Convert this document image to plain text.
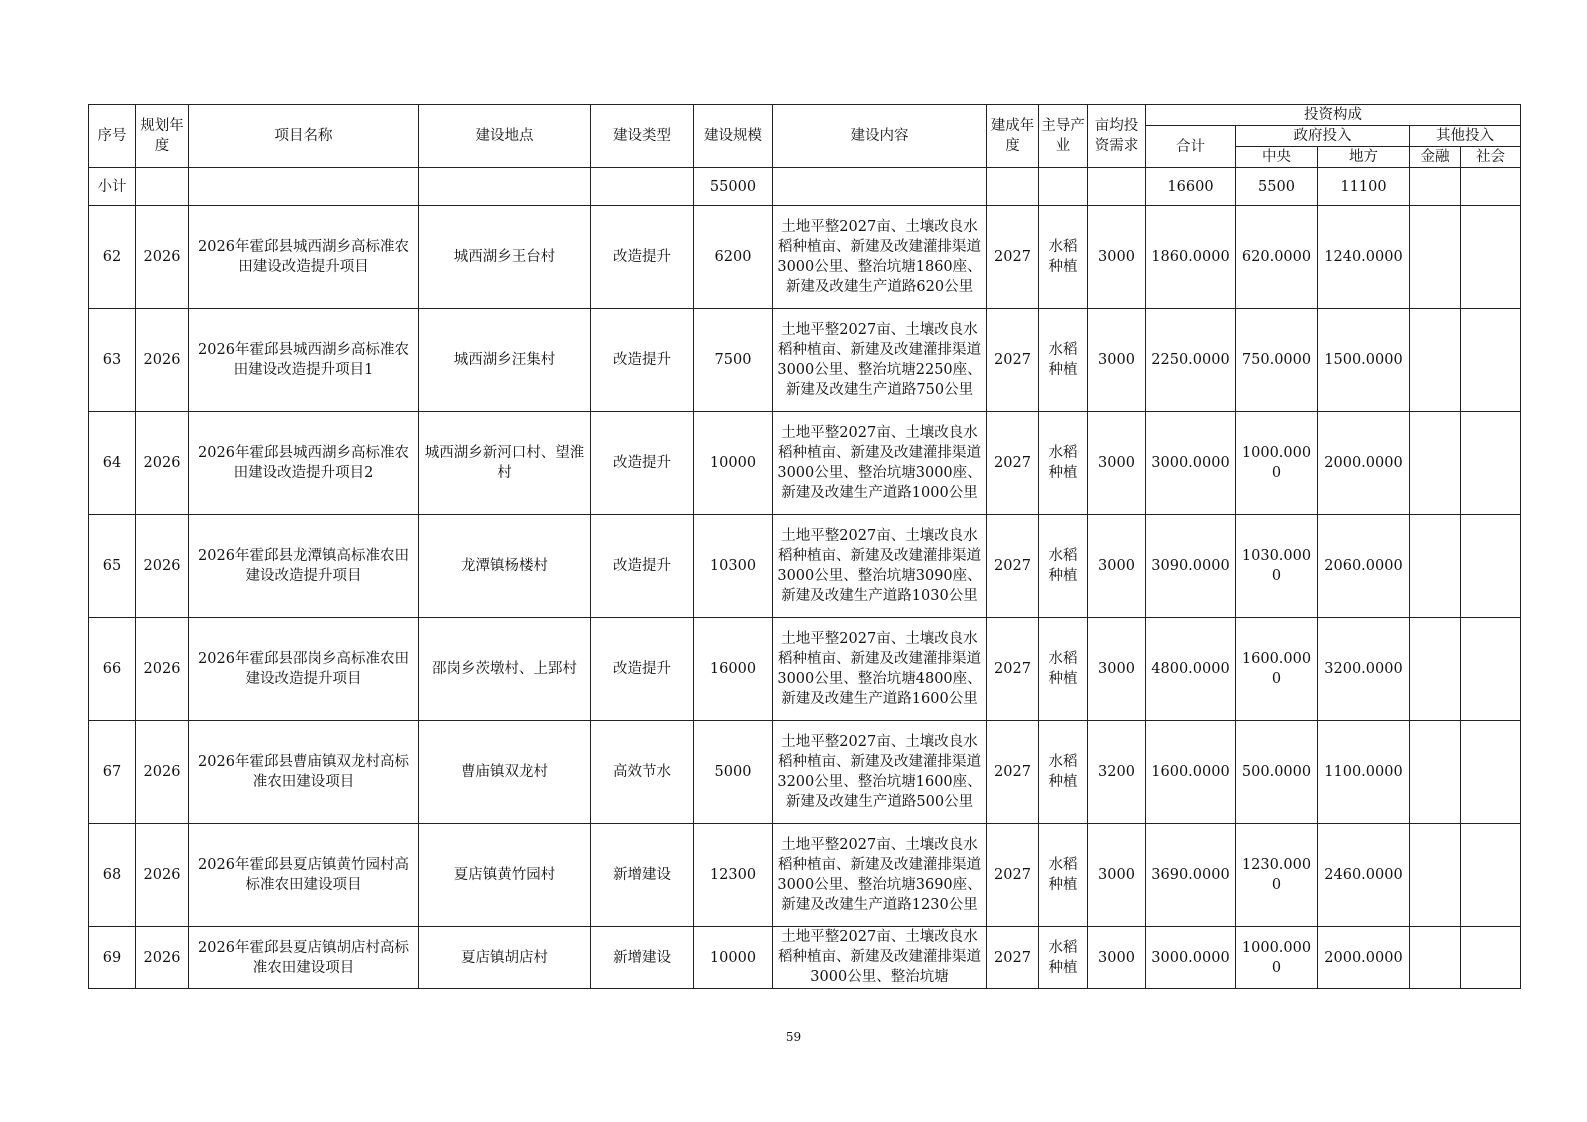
序号	规划年度	项目名称	建设地点	建设类型	建设规模	建设内容	建成年度	主导产业	亩均投资需求	投资构成				
										合计	政府投入		其他投入	
											中央	地方	金融	社会
小计					55000					16600	5500	11100		
62	2026	2026年霍邱县城西湖乡高标准农田建设改造提升项目	城西湖乡王台村	改造提升	6200	土地平整2027亩、土壤改良水稻种植亩、新建及改建灌排渠道3000公里、整治坑塘1860座、新建及改建生产道路620公里	2027	水稻种植	3000	1860.0000	620.0000	1240.0000		
63	2026	2026年霍邱县城西湖乡高标准农田建设改造提升项目1	城西湖乡汪集村	改造提升	7500	土地平整2027亩、土壤改良水稻种植亩、新建及改建灌排渠道3000公里、整治坑塘2250座、新建及改建生产道路750公里	2027	水稻种植	3000	2250.0000	750.0000	1500.0000		
64	2026	2026年霍邱县城西湖乡高标准农田建设改造提升项目2	城西湖乡新河口村、望淮村	改造提升	10000	土地平整2027亩、土壤改良水稻种植亩、新建及改建灌排渠道3000公里、整治坑塘3000座、新建及改建生产道路1000公里	2027	水稻种植	3000	3000.0000	1000.0000	2000.0000		
65	2026	2026年霍邱县龙潭镇高标准农田建设改造提升项目	龙潭镇杨楼村	改造提升	10300	土地平整2027亩、土壤改良水稻种植亩、新建及改建灌排渠道3000公里、整治坑塘3090座、新建及改建生产道路1030公里	2027	水稻种植	3000	3090.0000	1030.0000	2060.0000		
66	2026	2026年霍邱县邵岗乡高标准农田建设改造提升项目	邵岗乡茨墩村、上郢村	改造提升	16000	土地平整2027亩、土壤改良水稻种植亩、新建及改建灌排渠道3000公里、整治坑塘4800座、新建及改建生产道路1600公里	2027	水稻种植	3000	4800.0000	1600.0000	3200.0000		
67	2026	2026年霍邱县曹庙镇双龙村高标准农田建设项目	曹庙镇双龙村	高效节水	5000	土地平整2027亩、土壤改良水稻种植亩、新建及改建灌排渠道3200公里、整治坑塘1600座、新建及改建生产道路500公里	2027	水稻种植	3200	1600.0000	500.0000	1100.0000		
68	2026	2026年霍邱县夏店镇黄竹园村高标准农田建设项目	夏店镇黄竹园村	新增建设	12300	土地平整2027亩、土壤改良水稻种植亩、新建及改建灌排渠道3000公里、整治坑塘3690座、新建及改建生产道路1230公里	2027	水稻种植	3000	3690.0000	1230.0000	2460.0000		
69	2026	2026年霍邱县夏店镇胡店村高标准农田建设项目	夏店镇胡店村	新增建设	10000	土地平整2027亩、土壤改良水稻种植亩、新建及改建灌排渠道3000公里、整治坑塘	2027	水稻种植	3000	3000.0000	1000.0000	2000.0000		
59
